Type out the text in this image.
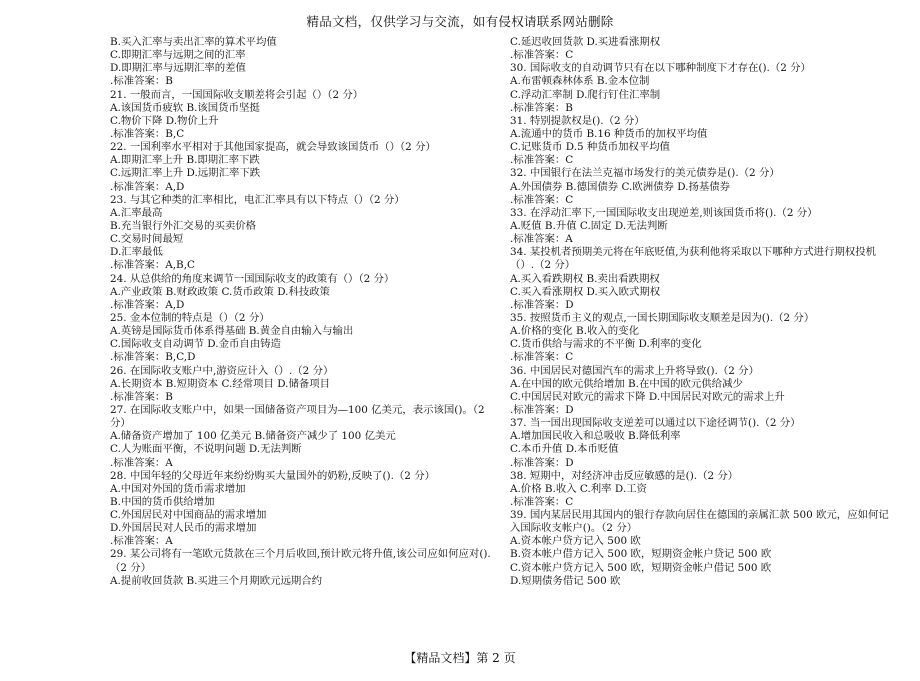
精品文档，仅供学习与交流，如有侵权请联系网站删除
B.买入汇率与卖出汇率的算术平均值
C.即期汇率与远期之间的汇率
D.即期汇率与远期汇率的差值
.标准答案：B
21. 一般而言，一国国际收支顺差将会引起（）（2 分）
A.该国货币疲软 B.该国货币坚挺
C.物价下降 D.物价上升
.标准答案：B,C
22. 一国利率水平相对于其他国家提高，就会导致该国货币（）（2 分）
A.即期汇率上升 B.即期汇率下跌
C.远期汇率上升 D.远期汇率下跌
.标准答案：A,D
23. 与其它种类的汇率相比，电汇汇率具有以下特点（）（2 分）
A.汇率最高
B.充当银行外汇交易的买卖价格
C.交易时间最短
D.汇率最低
.标准答案：A,B,C
24. 从总供给的角度来调节一国国际收支的政策有（）（2 分）
A.产业政策 B.财政政策 C.货币政策 D.科技政策
.标准答案：A,D
25. 金本位制的特点是（）（2 分）
A.英镑是国际货币体系得基础 B.黄金自由输入与输出
C.国际收支自动调节 D.金币自由铸造
.标准答案：B,C,D
26. 在国际收支账户中,游资应计入（）.（2 分）
A.长期资本 B.短期资本 C.经常项目 D.储备项目
.标准答案：B
27. 在国际收支账户中，如果一国储备资产项目为—100 亿美元，表示该国()。（2
分）
A.储备资产增加了 100 亿美元 B.储备资产减少了 100 亿美元
C.人为账面平衡，不说明问题 D.无法判断
.标准答案：A
28. 中国年轻的父母近年来纷纷购买大量国外的奶粉,反映了().（2 分）
A.中国对外国的货币需求增加
B.中国的货币供给增加
C.外国居民对中国商品的需求增加
D.外国居民对人民币的需求增加
.标准答案：A
29. 某公司将有一笔欧元货款在三个月后收回,预计欧元将升值,该公司应如何应对().
（2 分）
A.提前收回货款 B.买进三个月期欧元远期合约
C.延迟收回货款 D.买进看涨期权
.标准答案：C
30. 国际收支的自动调节只有在以下哪种制度下才存在().（2 分）
A.布雷顿森林体系 B.金本位制
C.浮动汇率制 D.爬行钉住汇率制
.标准答案：B
31. 特别提款权是().（2 分）
A.流通中的货币 B.16 种货币的加权平均值
C.记账货币 D.5 种货币加权平均值
.标准答案：C
32. 中国银行在法兰克福市场发行的美元债券是().（2 分）
A.外国债券 B.德国债券 C.欧洲债券 D.扬基债券
.标准答案：C
33. 在浮动汇率下,一国国际收支出现逆差,则该国货币将().（2 分）
A.贬值 B.升值 C.固定 D.无法判断
.标准答案：A
34. 某投机者预期美元将在年底贬值,为获利他将采取以下哪种方式进行期权投机
（）.（2 分）
A.买入看跌期权 B.卖出看跌期权
C.买入看涨期权 D.买入欧式期权
.标准答案：D
35. 按照货币主义的观点,一国长期国际收支顺差是因为().（2 分）
A.价格的变化 B.收入的变化
C.货币供给与需求的不平衡 D.利率的变化
.标准答案：C
36. 中国居民对德国汽车的需求上升将导致().（2 分）
A.在中国的欧元供给增加 B.在中国的欧元供给减少
C.中国居民对欧元的需求下降 D.中国居民对欧元的需求上升
.标准答案：D
37. 当一国出现国际收支逆差可以通过以下途径调节().（2 分）
A.增加国民收入和总吸收 B.降低利率
C.本币升值 D.本币贬值
.标准答案：D
38. 短期中，对经济冲击反应敏感的是().（2 分）
A.价格 B.收入 C.利率 D.工资
.标准答案：C
39. 国内某居民用其国内的银行存款向居住在德国的亲属汇款 500 欧元，应如何记
入国际收支帐户()。（2 分）
A.资本帐户贷方记入 500 欧
B.资本帐户借方记入 500 欧，短期资金帐户贷记 500 欧
C.资本帐户贷方记入 500 欧，短期资金帐户借记 500 欧
D.短期债务借记 500 欧
【精品文档】第 2 页
